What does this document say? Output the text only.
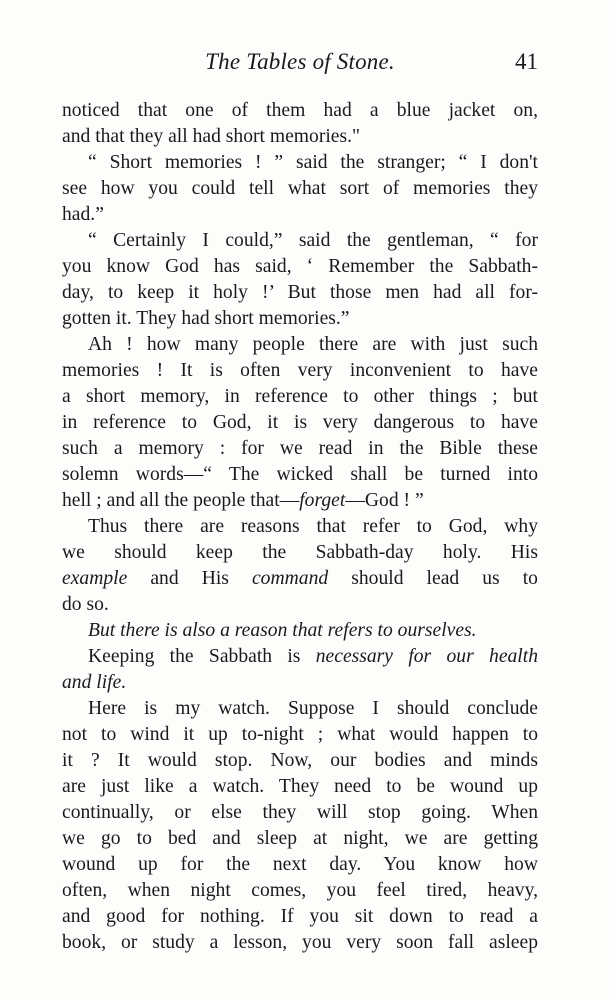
The Tables of Stone.	41
noticed that one of them had a blue jacket on,
and that they all had short memories."
“ Short memories ! ” said the stranger; “ I don't
see how you could tell what sort of memories they
had.”
“ Certainly I could,” said the gentleman, “ for
you know God has said, ‘ Remember the Sabbath-
day, to keep it holy !’ But those men had all for-
gotten it. They had short memories.”
Ah ! how many people there are with just such
memories ! It is often very inconvenient to have
a short memory, in reference to other things ; but
in reference to God, it is very dangerous to have
such a memory : for we read in the Bible these
solemn words—“ The wicked shall be turned into
hell ; and all the people that—forget—God ! ”
Thus there are reasons that refer to God, why
we should keep the Sabbath-day holy. His
example and His command should lead us to
do so.
But there is also a reason that refers to ourselves.
Keeping the Sabbath is necessary for our health
and life.
Here is my watch. Suppose I should conclude
not to wind it up to-night ; what would happen to
it ? It would stop. Now, our bodies and minds
are just like a watch. They need to be wound up
continually, or else they will stop going. When
we go to bed and sleep at night, we are getting
wound up for the next day. You know how
often, when night comes, you feel tired, heavy,
and good for nothing. If you sit down to read a
book, or study a lesson, you very soon fall asleep
